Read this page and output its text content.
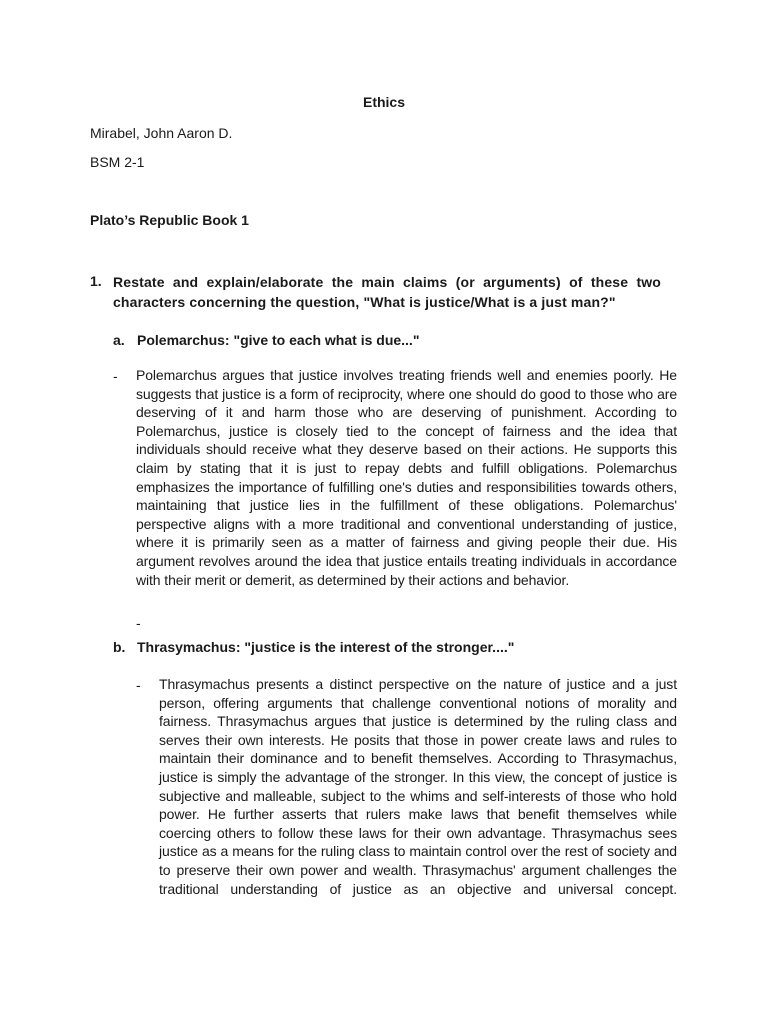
Ethics
Mirabel, John Aaron D.
BSM 2-1
Plato’s Republic Book 1
1. Restate and explain/elaborate the main claims (or arguments) of these two characters concerning the question, "What is justice/What is a just man?"
a. Polemarchus: "give to each what is due..."
- Polemarchus argues that justice involves treating friends well and enemies poorly. He suggests that justice is a form of reciprocity, where one should do good to those who are deserving of it and harm those who are deserving of punishment. According to Polemarchus, justice is closely tied to the concept of fairness and the idea that individuals should receive what they deserve based on their actions. He supports this claim by stating that it is just to repay debts and fulfill obligations. Polemarchus emphasizes the importance of fulfilling one's duties and responsibilities towards others, maintaining that justice lies in the fulfillment of these obligations. Polemarchus' perspective aligns with a more traditional and conventional understanding of justice, where it is primarily seen as a matter of fairness and giving people their due. His argument revolves around the idea that justice entails treating individuals in accordance with their merit or demerit, as determined by their actions and behavior.
-
b. Thrasymachus: "justice is the interest of the stronger...."
- Thrasymachus presents a distinct perspective on the nature of justice and a just person, offering arguments that challenge conventional notions of morality and fairness. Thrasymachus argues that justice is determined by the ruling class and serves their own interests. He posits that those in power create laws and rules to maintain their dominance and to benefit themselves. According to Thrasymachus, justice is simply the advantage of the stronger. In this view, the concept of justice is subjective and malleable, subject to the whims and self-interests of those who hold power. He further asserts that rulers make laws that benefit themselves while coercing others to follow these laws for their own advantage. Thrasymachus sees justice as a means for the ruling class to maintain control over the rest of society and to preserve their own power and wealth. Thrasymachus' argument challenges the traditional understanding of justice as an objective and universal concept.
